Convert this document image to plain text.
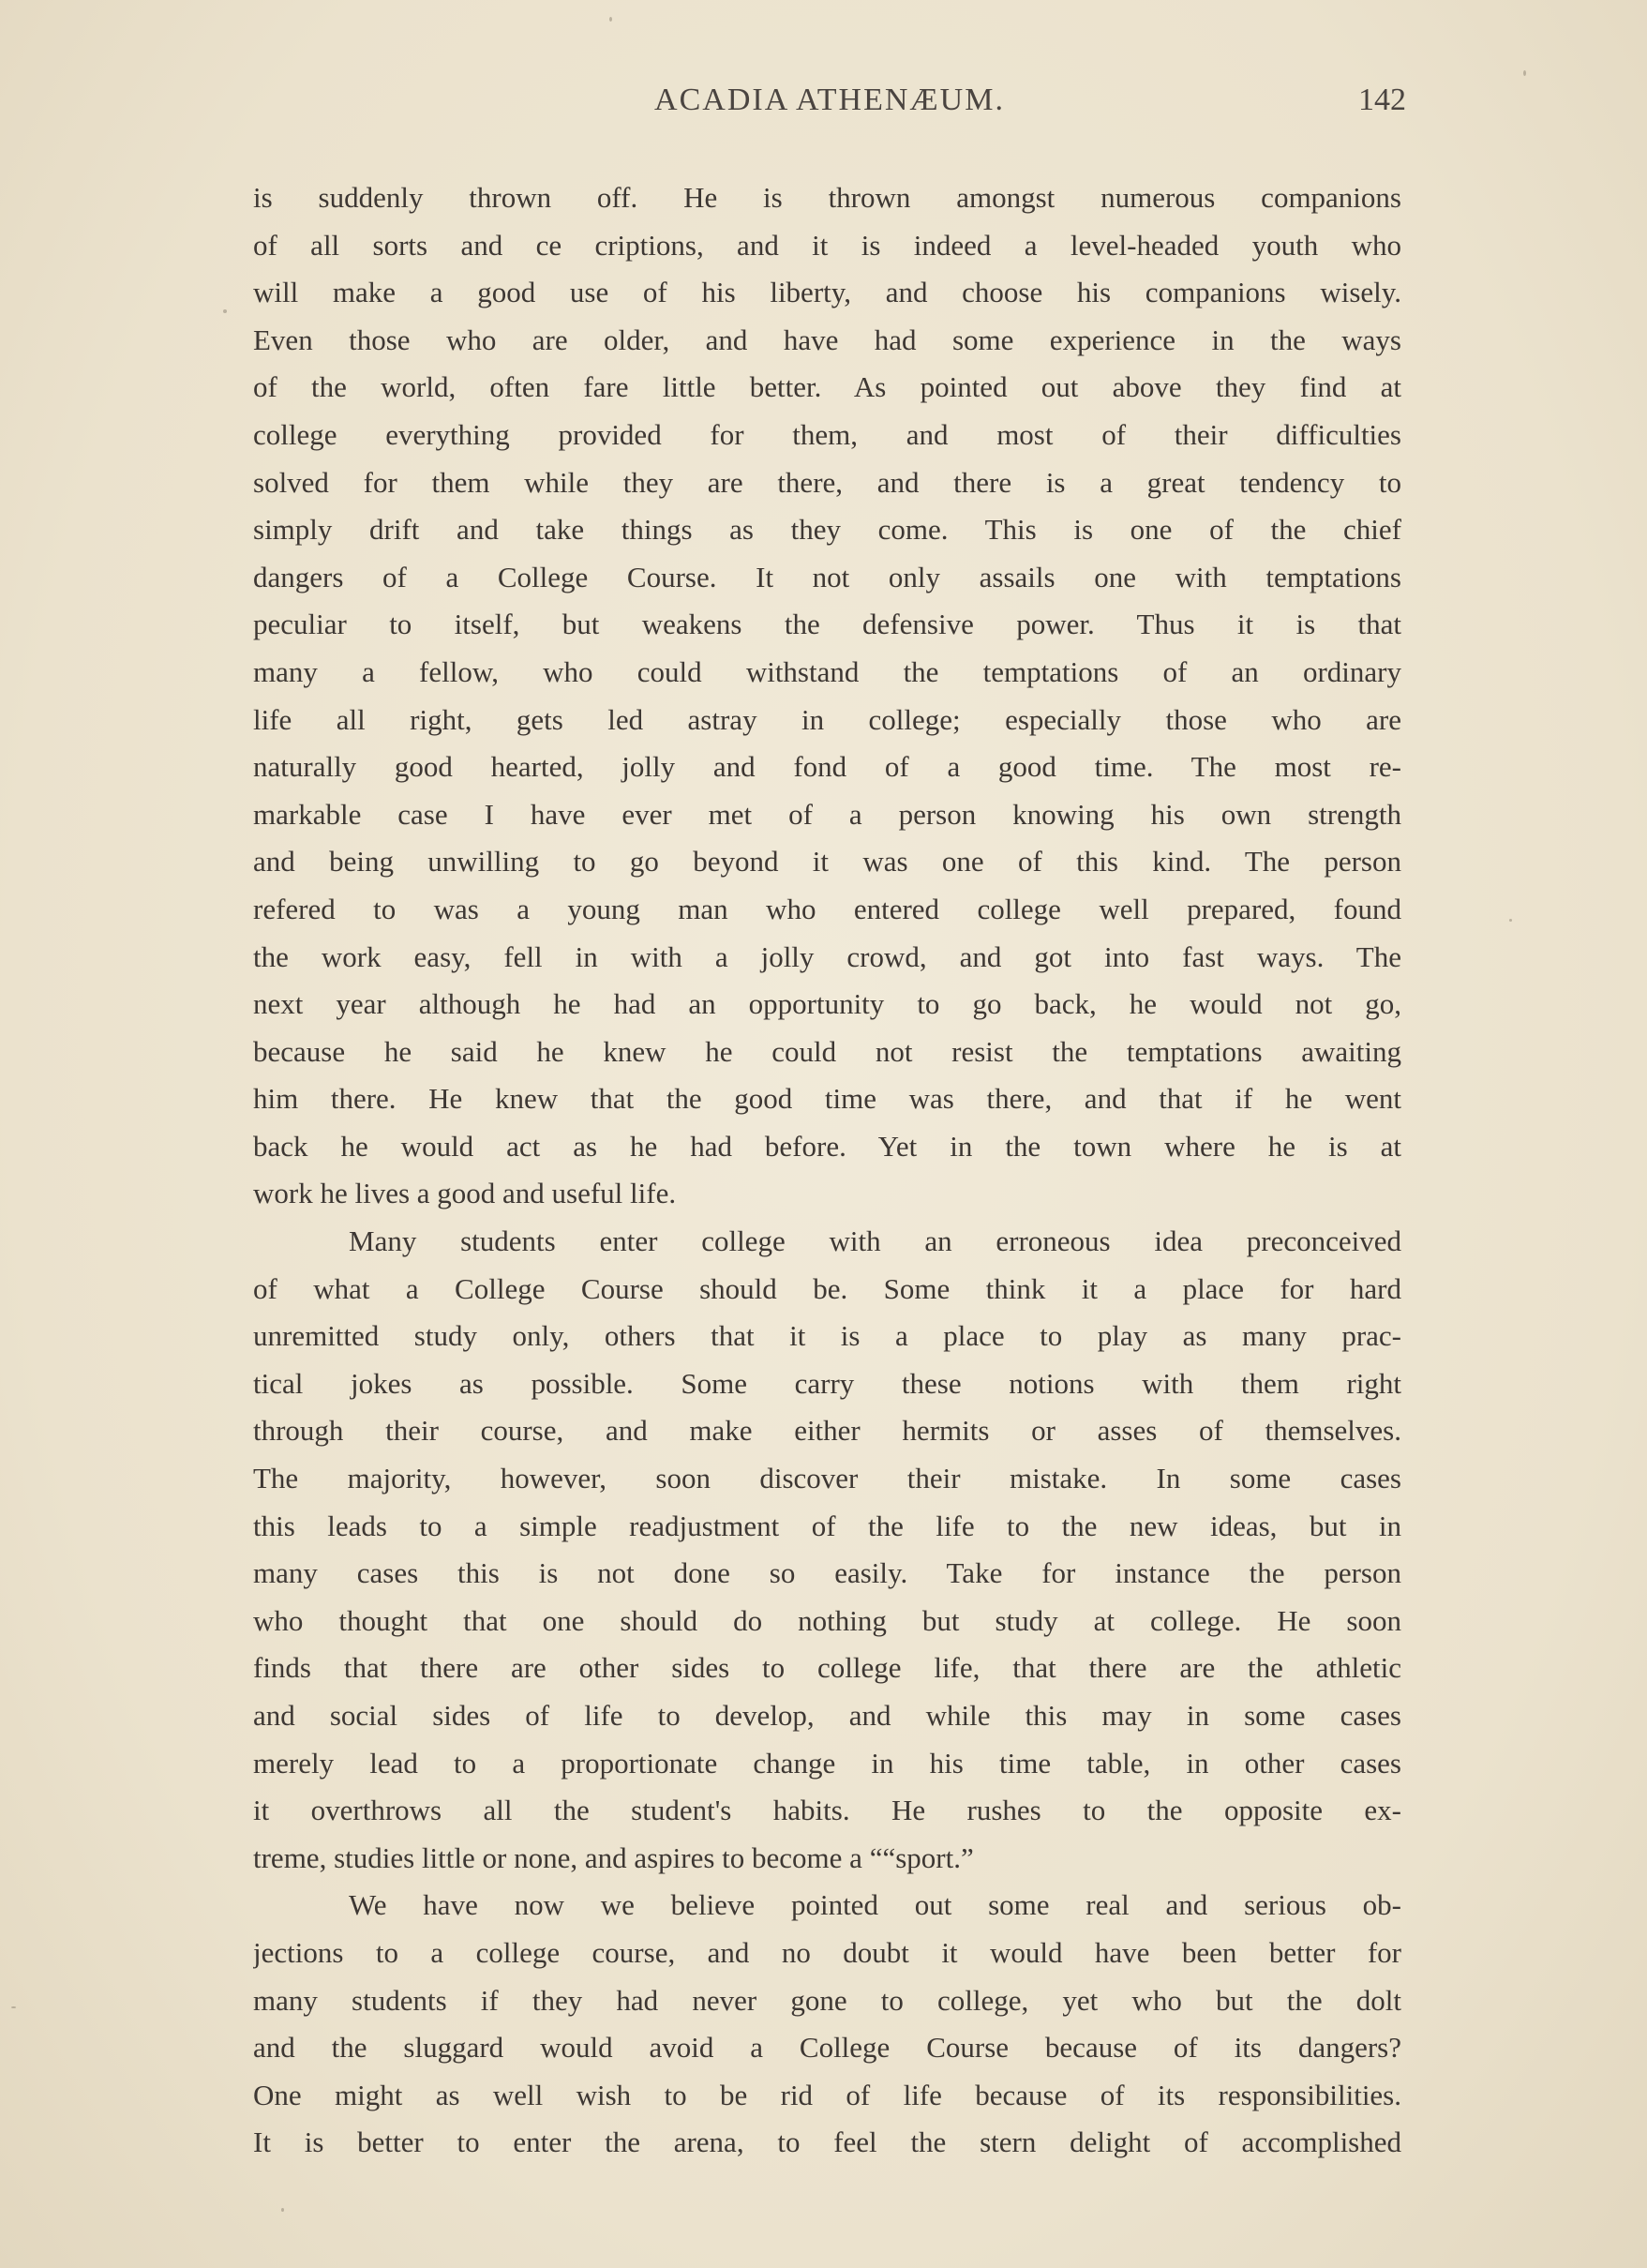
ACADIA ATHENÆUM.	142
is suddenly thrown off. He is thrown amongst numerous companions
of all sorts and ce criptions, and it is indeed a level-headed youth who
will make a good use of his liberty, and choose his companions wisely.
Even those who are older, and have had some experience in the ways
of the world, often fare little better. As pointed out above they find at
college everything provided for them, and most of their difficulties
solved for them while they are there, and there is a great tendency to
simply drift and take things as they come. This is one of the chief
dangers of a College Course. It not only assails one with temptations
peculiar to itself, but weakens the defensive power. Thus it is that
many a fellow, who could withstand the temptations of an ordinary
life all right, gets led astray in college; especially those who are
naturally good hearted, jolly and fond of a good time. The most re-
markable case I have ever met of a person knowing his own strength
and being unwilling to go beyond it was one of this kind. The person
refered to was a young man who entered college well prepared, found
the work easy, fell in with a jolly crowd, and got into fast ways. The
next year although he had an opportunity to go back, he would not go,
because he said he knew he could not resist the temptations awaiting
him there. He knew that the good time was there, and that if he went
back he would act as he had before. Yet in the town where he is at
work he lives a good and useful life.
Many students enter college with an erroneous idea preconceived
of what a College Course should be. Some think it a place for hard
unremitted study only, others that it is a place to play as many prac-
tical jokes as possible. Some carry these notions with them right
through their course, and make either hermits or asses of themselves.
The majority, however, soon discover their mistake. In some cases
this leads to a simple readjustment of the life to the new ideas, but in
many cases this is not done so easily. Take for instance the person
who thought that one should do nothing but study at college. He soon
finds that there are other sides to college life, that there are the athletic
and social sides of life to develop, and while this may in some cases
merely lead to a proportionate change in his time table, in other cases
it overthrows all the student's habits. He rushes to the opposite ex-
treme, studies little or none, and aspires to become a ““sport.”
We have now we believe pointed out some real and serious ob-
jections to a college course, and no doubt it would have been better for
many students if they had never gone to college, yet who but the dolt
and the sluggard would avoid a College Course because of its dangers?
One might as well wish to be rid of life because of its responsibilities.
It is better to enter the arena, to feel the stern delight of accomplished
